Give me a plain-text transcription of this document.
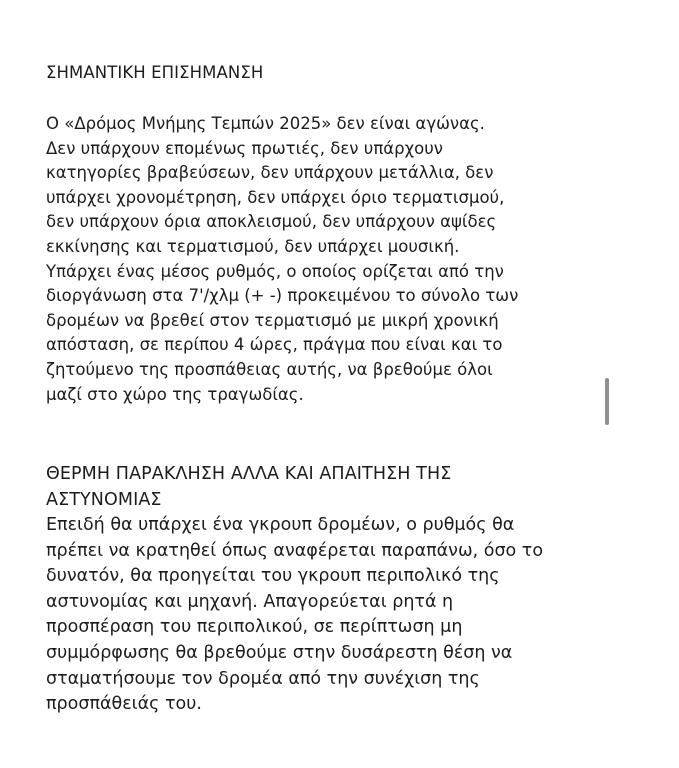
ΣΗΜΑΝΤΙΚΗ ΕΠΙΣΗΜΑΝΣΗ

Ο «Δρόμος Μνήμης Τεμπών 2025» δεν είναι αγώνας.
Δεν υπάρχουν επομένως πρωτιές, δεν υπάρχουν
κατηγορίες βραβεύσεων, δεν υπάρχουν μετάλλια, δεν
υπάρχει χρονομέτρηση, δεν υπάρχει όριο τερματισμού,
δεν υπάρχουν όρια αποκλεισμού, δεν υπάρχουν αψίδες
εκκίνησης και τερματισμού, δεν υπάρχει μουσική.
Υπάρχει ένας μέσος ρυθμός, ο οποίος ορίζεται από την
διοργάνωση στα 7'/χλμ (+ -) προκειμένου το σύνολο των
δρομέων να βρεθεί στον τερματισμό με μικρή χρονική
απόσταση, σε περίπου 4 ώρες, πράγμα που είναι και το
ζητούμενο της προσπάθειας αυτής, να βρεθούμε όλοι
μαζί στο χώρο της τραγωδίας.

ΘΕΡΜΗ ΠΑΡΑΚΛΗΣΗ ΑΛΛΑ ΚΑΙ ΑΠΑΙΤΗΣΗ ΤΗΣ
ΑΣΤΥΝΟΜΙΑΣ

Επειδή θα υπάρχει ένα γκρουπ δρομέων, ο ρυθμός θα
πρέπει να κρατηθεί όπως αναφέρεται παραπάνω, όσο το
δυνατόν, θα προηγείται του γκρουπ περιπολικό της
αστυνομίας και μηχανή. Απαγορεύεται ρητά η
προσπέραση του περιπολικού, σε περίπτωση μη
συμμόρφωσης θα βρεθούμε στην δυσάρεστη θέση να
σταματήσουμε τον δρομέα από την συνέχιση της
προσπάθειάς του.
